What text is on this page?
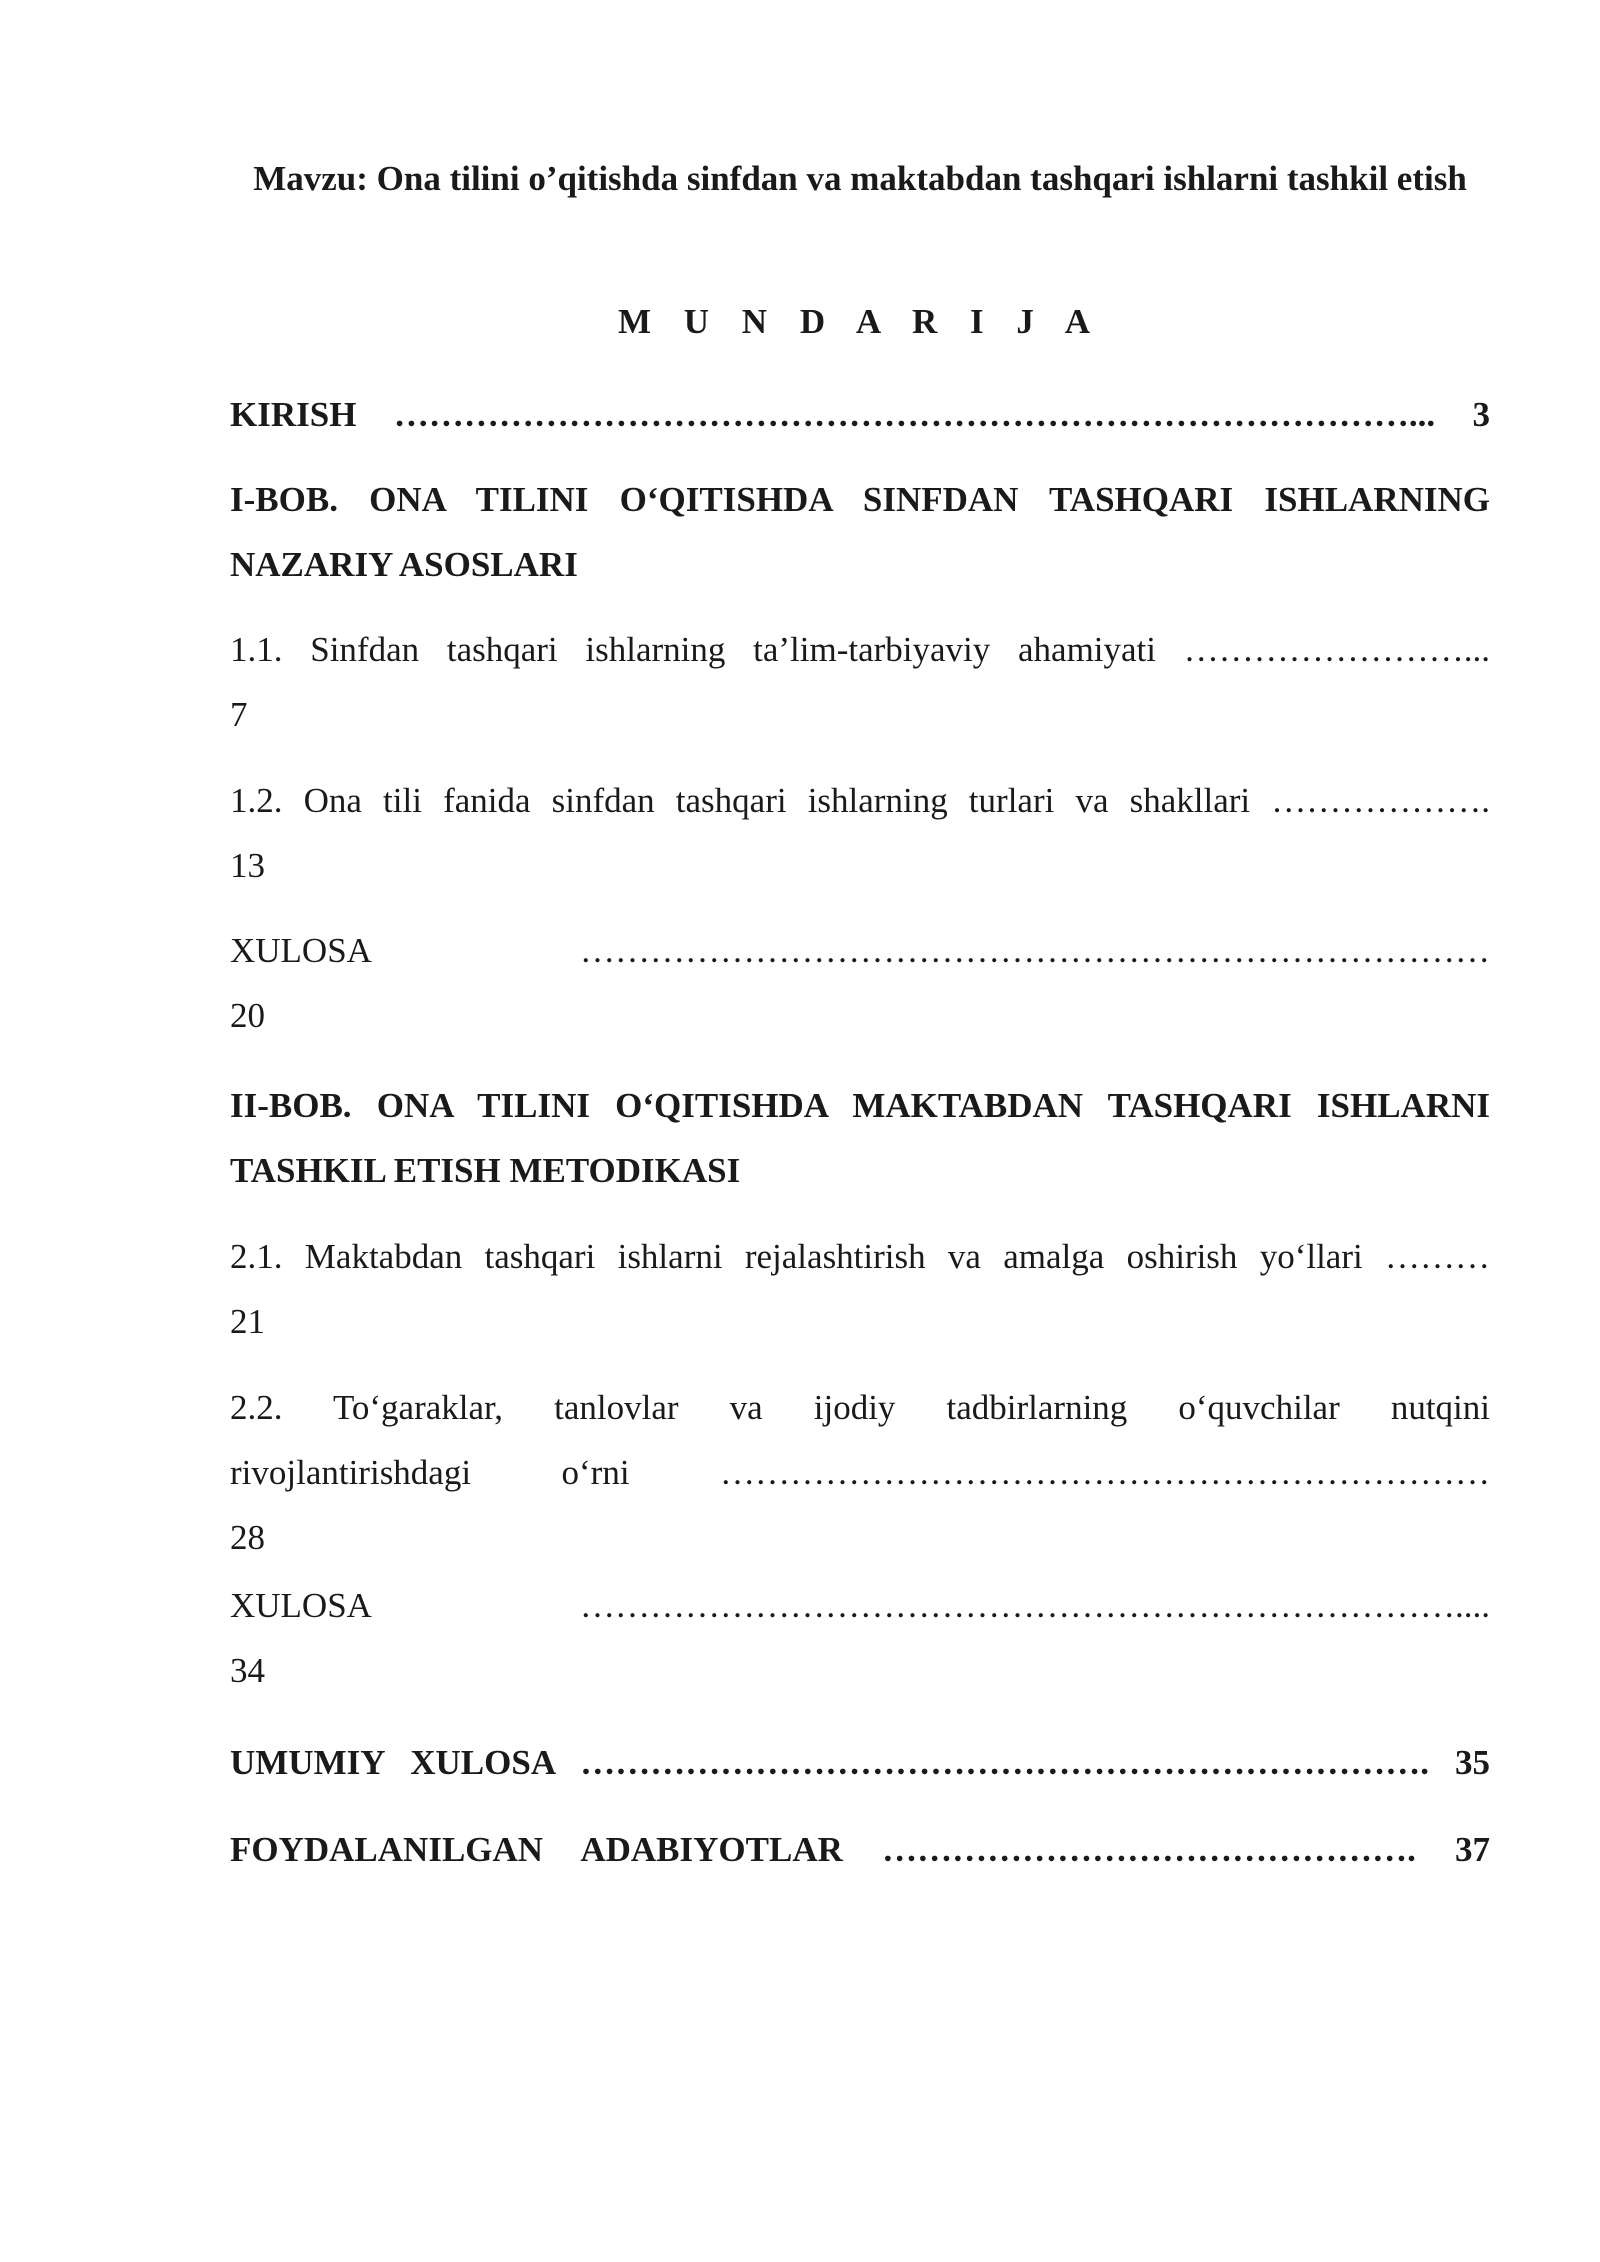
Mavzu: Ona tilini o’qitishda sinfdan va maktabdan tashqari ishlarni tashkil etish

M U N D A R I J A

KIRISH ……………………………………………………………………………... 3
I-BOB. ONA TILINI O‘QITISHDA SINFDAN TASHQARI ISHLARNING
NAZARIY ASOSLARI
1.1. Sinfdan tashqari ishlarning ta’lim-tarbiyaviy ahamiyati ……………………...
7
1.2. Ona tili fanida sinfdan tashqari ishlarning turlari va shakllari ……………….
13
XULOSA	……………………………………………………………………
20
II-BOB. ONA TILINI O‘QITISHDA MAKTABDAN TASHQARI ISHLARNI
TASHKIL ETISH METODIKASI
2.1. Maktabdan tashqari ishlarni rejalashtirish va amalga oshirish yo‘llari ………
21
2.2. To‘garaklar, tanlovlar va ijodiy tadbirlarning o‘quvchilar nutqini
rivojlantirishdagi o‘rni	…………………………………………………………
28
XULOSA	…………………………………………………………………....
34
UMUMIY XULOSA ………………………………………………………………. 35
FOYDALANILGAN ADABIYOTLAR ………………………………………. 37
